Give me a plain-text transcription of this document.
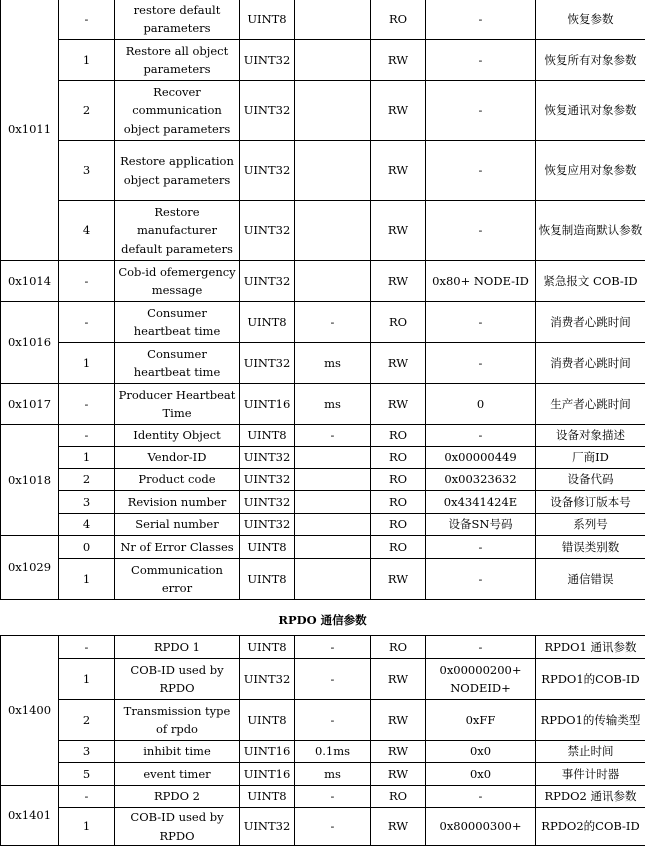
0x1011	-	restore default parameters	UINT8		RO	-	恢复参数
	1	Restore all object parameters	UINT32		RW	-	恢复所有对象参数
	2	Recover communication object parameters	UINT32		RW	-	恢复通讯对象参数
	3	Restore application object parameters	UINT32		RW	-	恢复应用对象参数
	4	Restore manufacturer default parameters	UINT32		RW	-	恢复制造商默认参数
0x1014	-	Cob-id ofemergency message	UINT32		RW	0x80+ NODE-ID	紧急报文 COB-ID
0x1016	-	Consumer heartbeat time	UINT8	-	RO	-	消费者心跳时间
	1	Consumer heartbeat time	UINT32	ms	RW	-	消费者心跳时间
0x1017	-	Producer Heartbeat Time	UINT16	ms	RW	0	生产者心跳时间
0x1018	-	Identity Object	UINT8	-	RO	-	设备对象描述
	1	Vendor-ID	UINT32		RO	0x00000449	厂商ID
	2	Product code	UINT32		RO	0x00323632	设备代码
	3	Revision number	UINT32		RO	0x4341424E	设备修订版本号
	4	Serial number	UINT32		RO	设备SN号码	系列号
0x1029	0	Nr of Error Classes	UINT8		RO	-	错误类别数
	1	Communication error	UINT8		RW	-	通信错误
RPDO 通信参数
0x1400	-	RPDO 1	UINT8	-	RO	-	RPDO1 通讯参数
	1	COB-ID used by RPDO	UINT32	-	RW	0x00000200+ NODEID+	RPDO1的COB-ID
	2	Transmission type of rpdo	UINT8	-	RW	0xFF	RPDO1的传输类型
	3	inhibit time	UINT16	0.1ms	RW	0x0	禁止时间
	5	event timer	UINT16	ms	RW	0x0	事件计时器
0x1401	-	RPDO 2	UINT8	-	RO	-	RPDO2 通讯参数
	1	COB-ID used by RPDO	UINT32	-	RW	0x80000300+	RPDO2的COB-ID
